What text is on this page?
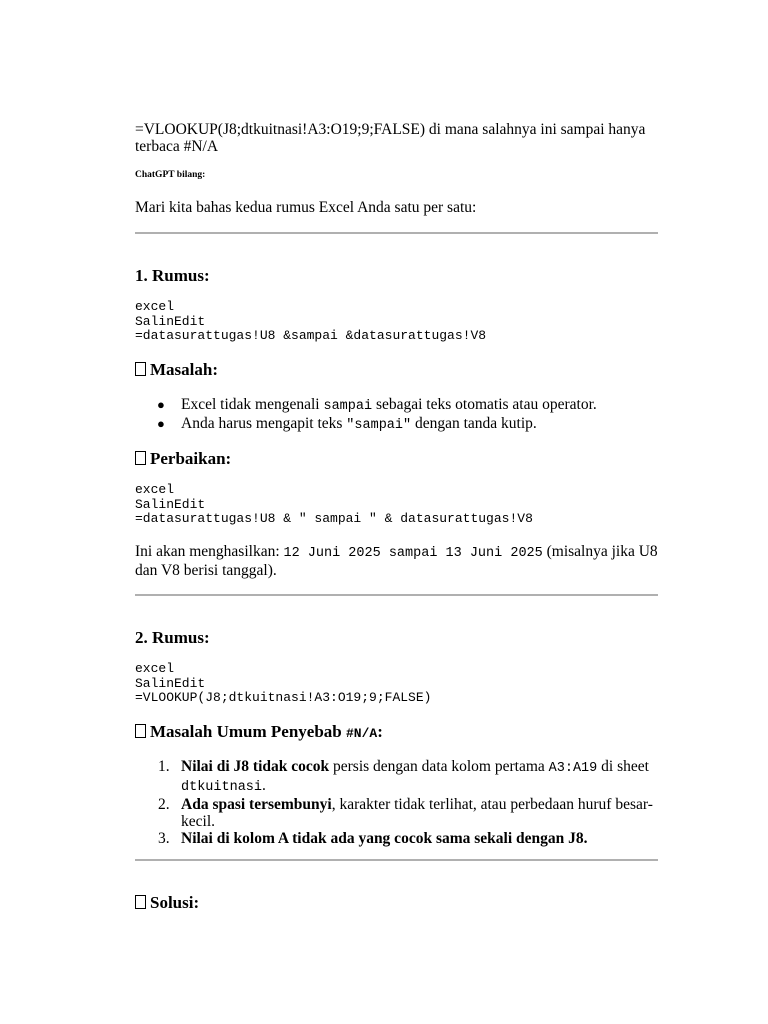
=VLOOKUP(J8;dtkuitnasi!A3:O19;9;FALSE) di mana salahnya ini sampai hanya terbaca #N/A

ChatGPT bilang:

Mari kita bahas kedua rumus Excel Anda satu per satu:

1. Rumus:
excel
SalinEdit
=datasurattugas!U8 &sampai &datasurattugas!V8
Masalah:
● Excel tidak mengenali sampai sebagai teks otomatis atau operator.
● Anda harus mengapit teks "sampai" dengan tanda kutip.
Perbaikan:
excel
SalinEdit
=datasurattugas!U8 & " sampai " & datasurattugas!V8

Ini akan menghasilkan: 12 Juni 2025 sampai 13 Juni 2025 (misalnya jika U8 dan V8 berisi tanggal).

2. Rumus:
excel
SalinEdit
=VLOOKUP(J8;dtkuitnasi!A3:O19;9;FALSE)
Masalah Umum Penyebab #N/A:
1. Nilai di J8 tidak cocok persis dengan data kolom pertama A3:A19 di sheet dtkuitnasi.
2. Ada spasi tersembunyi, karakter tidak terlihat, atau perbedaan huruf besar-kecil.
3. Nilai di kolom A tidak ada yang cocok sama sekali dengan J8.
Solusi:
